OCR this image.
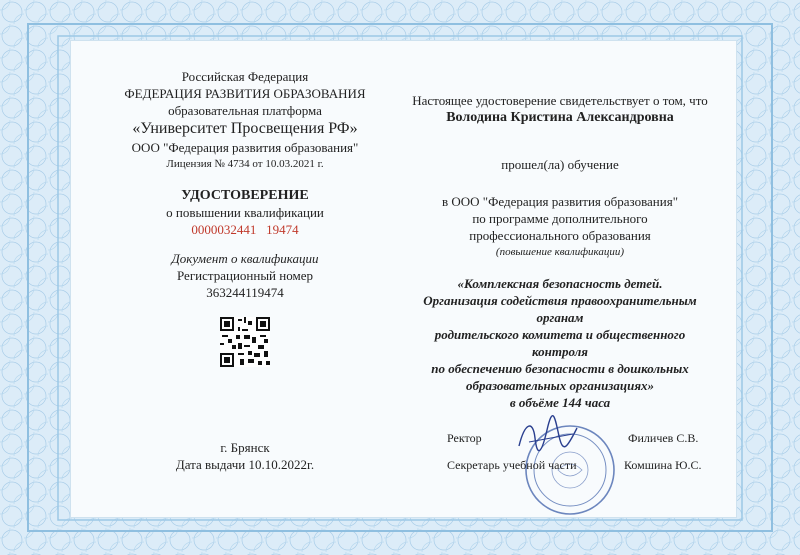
Российская Федерация

ФЕДЕРАЦИЯ РАЗВИТИЯ ОБРАЗОВАНИЯ

образовательная платформа

«Университет Просвещения РФ»

ООО "Федерация развития образования"

Лицензия № 4734 от 10.03.2021 г.

УДОСТОВЕРЕНИЕ

о повышении квалификации

0000032441 19474

Документ о квалификации

Регистрационный номер

363244119474

г. Брянск

Дата выдачи 10.10.2022г.

Настоящее удостоверение свидетельствует о том, что

Володина Кристина Александровна

прошел(ла) обучение

в ООО "Федерация развития образования"

по программе дополнительного

профессионального образования

(повышение квалификации)

«Комплексная безопасность детей.

Организация содействия правоохранительным органам

родительского комитета и общественного контроля

по обеспечению безопасности в дошкольных

образовательных организациях»

в объёме 144 часа

Ректор	Филичев С.В.
Секретарь учебной части	Комшина Ю.С.
